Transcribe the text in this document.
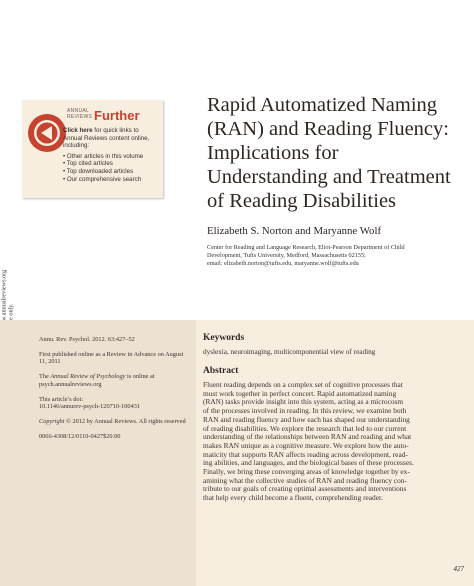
ANNUAL
REVIEWS Further
Click here for quick links to Annual Reviews content online, including:
• Other articles in this volume
• Top cited articles
• Top downloaded articles
• Our comprehensive search
Rapid Automatized Naming
(RAN) and Reading Fluency:
Implications for
Understanding and Treatment
of Reading Disabilities
Elizabeth S. Norton and Maryanne Wolf
Center for Reading and Language Research, Eliot-Pearson Department of Child
Development, Tufts University, Medford, Massachusetts 02155;
email: elizabeth.norton@tufts.edu, maryanne.wolf@tufts.edu

Annu. Rev. Psychol. 2012. 63:427–52

First published online as a Review in Advance on August 11, 2011

The Annual Review of Psychology is online at psych.annualreviews.org

This article’s doi:
10.1146/annurev-psych-120710-100431

Copyright © 2012 by Annual Reviews. All rights reserved

0066-4308/12/0110-0427$20.00

Keywords
dyslexia, neuroimaging, multicomponential view of reading
Abstract
Fluent reading depends on a complex set of cognitive processes that
must work together in perfect concert. Rapid automatized naming
(RAN) tasks provide insight into this system, acting as a microcosm
of the processes involved in reading. In this review, we examine both
RAN and reading fluency and how each has shaped our understanding
of reading disabilities. We explore the research that led to our current
understanding of the relationships between RAN and reading and what
makes RAN unique as a cognitive measure. We explore how the auto-
maticity that supports RAN affects reading across development, read-
ing abilities, and languages, and the biological bases of these processes.
Finally, we bring these converging areas of knowledge together by ex-
amining what the collective studies of RAN and reading fluency con-
tribute to our goals of creating optimal assessments and interventions
that help every child become a fluent, comprehending reader.
427
